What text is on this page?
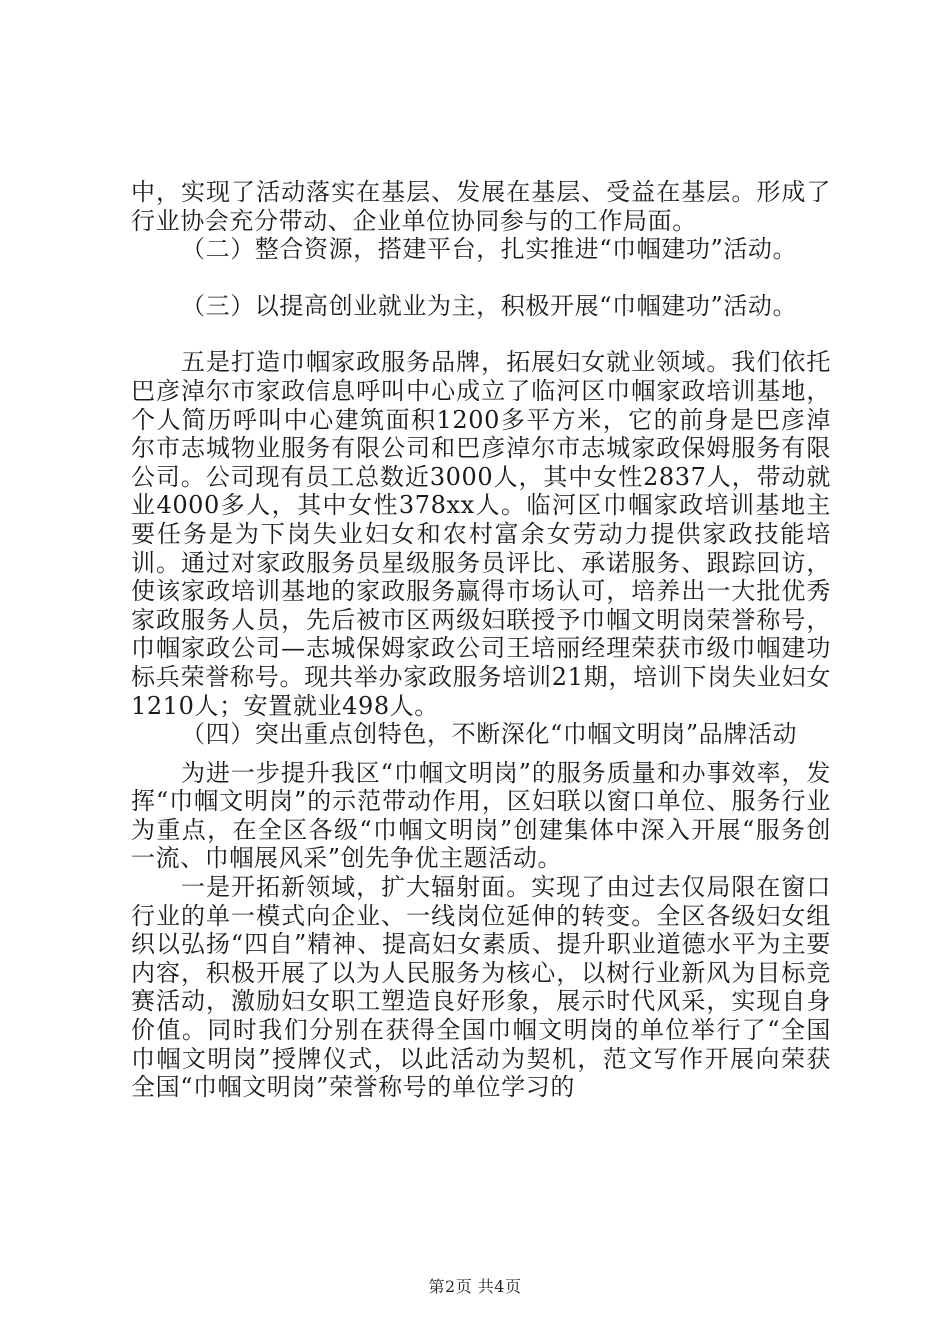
中，实现了活动落实在基层、发展在基层、受益在基层。形成了行业协会充分带动、企业单位协同参与的工作局面。

（二）整合资源，搭建平台，扎实推进“巾帼建功”活动。

（三）以提高创业就业为主，积极开展“巾帼建功”活动。

五是打造巾帼家政服务品牌，拓展妇女就业领域。我们依托巴彦淖尔市家政信息呼叫中心成立了临河区巾帼家政培训基地，个人简历呼叫中心建筑面积1200多平方米，它的前身是巴彦淖尔市志城物业服务有限公司和巴彦淖尔市志城家政保姆服务有限公司。公司现有员工总数近3000人，其中女性2837人，带动就业4000多人，其中女性378xx人。临河区巾帼家政培训基地主要任务是为下岗失业妇女和农村富余女劳动力提供家政技能培训。通过对家政服务员星级服务员评比、承诺服务、跟踪回访，使该家政培训基地的家政服务赢得市场认可，培养出一大批优秀家政服务人员，先后被市区两级妇联授予巾帼文明岗荣誉称号，巾帼家政公司—志城保姆家政公司王培丽经理荣获市级巾帼建功标兵荣誉称号。现共举办家政服务培训21期，培训下岗失业妇女1210人；安置就业498人。

（四）突出重点创特色，不断深化“巾帼文明岗”品牌活动

为进一步提升我区“巾帼文明岗”的服务质量和办事效率，发挥“巾帼文明岗”的示范带动作用，区妇联以窗口单位、服务行业为重点，在全区各级“巾帼文明岗”创建集体中深入开展“服务创一流、巾帼展风采”创先争优主题活动。

一是开拓新领域，扩大辐射面。实现了由过去仅局限在窗口行业的单一模式向企业、一线岗位延伸的转变。全区各级妇女组织以弘扬“四自”精神、提高妇女素质、提升职业道德水平为主要内容，积极开展了以为人民服务为核心，以树行业新风为目标竞赛活动，激励妇女职工塑造良好形象，展示时代风采，实现自身价值。同时我们分别在获得全国巾帼文明岗的单位举行了“全国巾帼文明岗”授牌仪式，以此活动为契机，范文写作开展向荣获全国“巾帼文明岗”荣誉称号的单位学习的

第2页 共4页
